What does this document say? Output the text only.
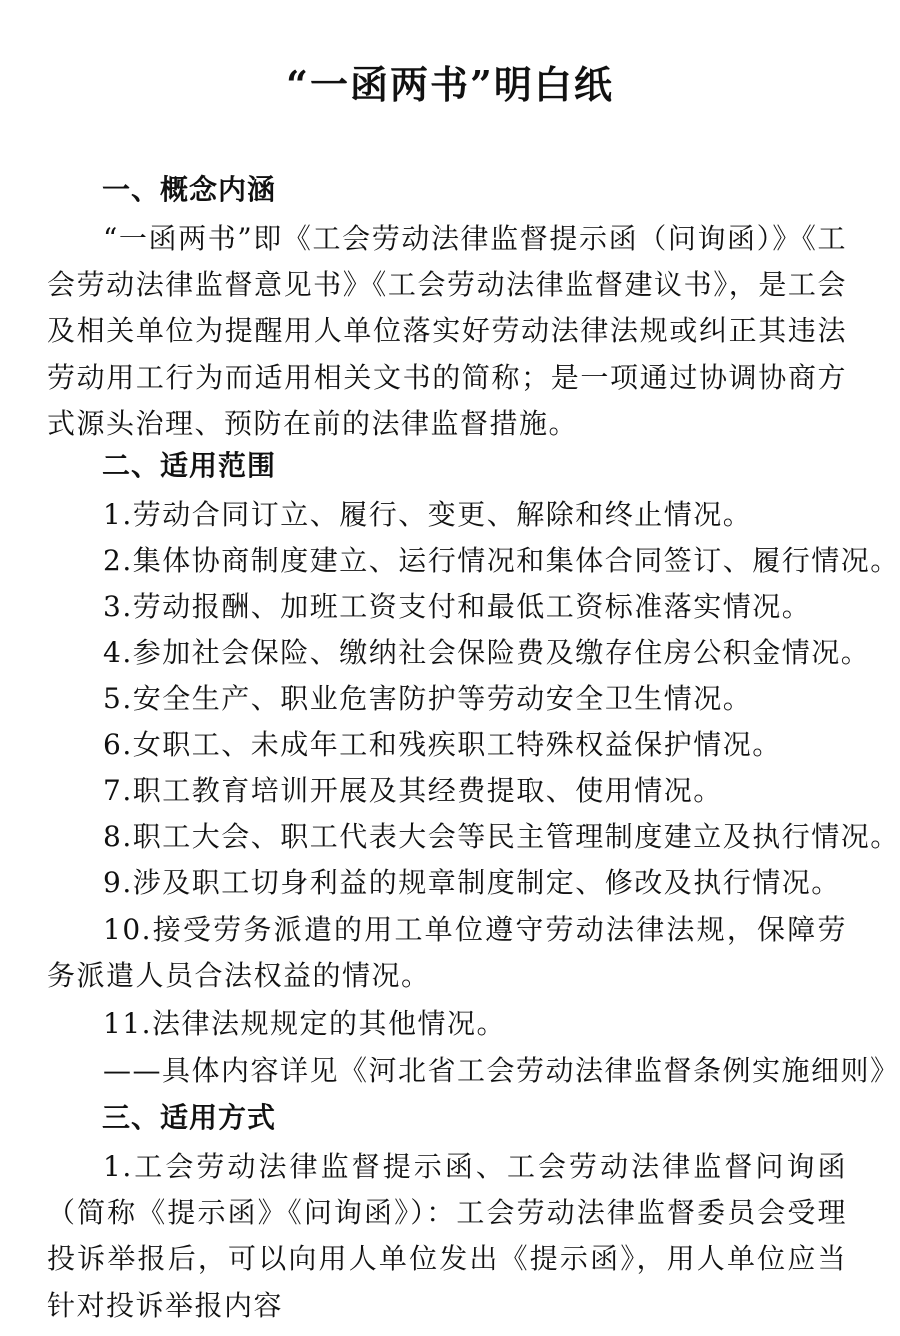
“一函两书”明白纸
一、概念内涵
“一函两书”即《工会劳动法律监督提示函（问询函）》《工会劳动法律监督意见书》《工会劳动法律监督建议书》，是工会及相关单位为提醒用人单位落实好劳动法律法规或纠正其违法劳动用工行为而适用相关文书的简称；是一项通过协调协商方式源头治理、预防在前的法律监督措施。
二、适用范围
1.劳动合同订立、履行、变更、解除和终止情况。
2.集体协商制度建立、运行情况和集体合同签订、履行情况。
3.劳动报酬、加班工资支付和最低工资标准落实情况。
4.参加社会保险、缴纳社会保险费及缴存住房公积金情况。
5.安全生产、职业危害防护等劳动安全卫生情况。
6.女职工、未成年工和残疾职工特殊权益保护情况。
7.职工教育培训开展及其经费提取、使用情况。
8.职工大会、职工代表大会等民主管理制度建立及执行情况。
9.涉及职工切身利益的规章制度制定、修改及执行情况。
10.接受劳务派遣的用工单位遵守劳动法律法规，保障劳务派遣人员合法权益的情况。
11.法律法规规定的其他情况。
——具体内容详见《河北省工会劳动法律监督条例实施细则》
三、适用方式
1.工会劳动法律监督提示函、工会劳动法律监督问询函（简称《提示函》《问询函》）：工会劳动法律监督委员会受理投诉举报后，可以向用人单位发出《提示函》，用人单位应当针对投诉举报内容
